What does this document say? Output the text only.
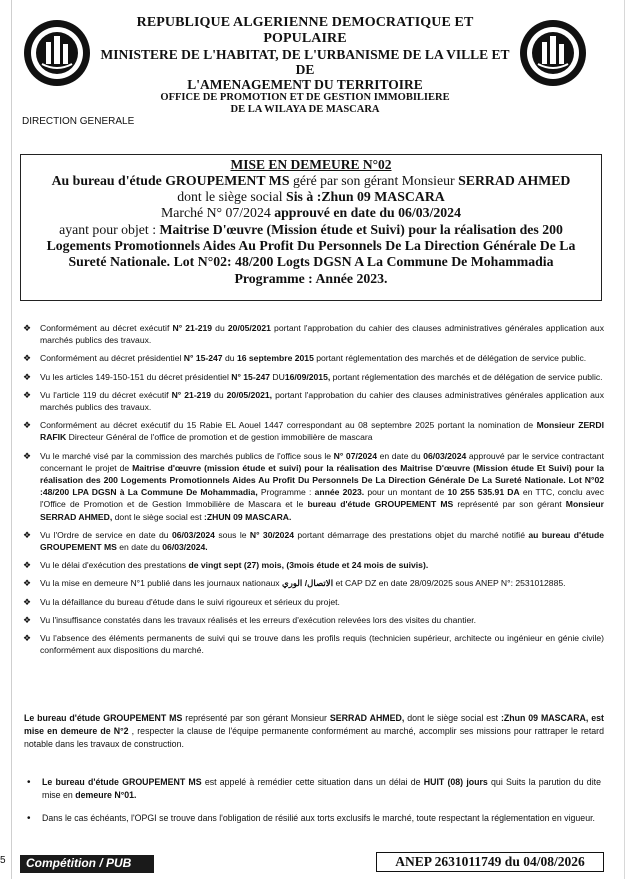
REPUBLIQUE ALGERIENNE DEMOCRATIQUE ET POPULAIRE
MINISTERE DE L'HABITAT, DE L'URBANISME DE LA VILLE ET DE
L'AMENAGEMENT DU TERRITOIRE
OFFICE DE PROMOTION ET DE GESTION IMMOBILIERE
DE LA WILAYA DE MASCARA
DIRECTION GENERALE
MISE EN DEMEURE N°02
Au bureau d'étude GROUPEMENT MS géré par son gérant Monsieur SERRAD AHMED
dont le siège social Sis à :Zhun 09 MASCARA
Marché N° 07/2024 approuvé en date du 06/03/2024
ayant pour objet : Maitrise D'œuvre (Mission étude et Suivi) pour la réalisation des 200
Logements Promotionnels Aides Au Profit Du Personnels De La Direction Générale De La
Sureté Nationale. Lot N°02: 48/200 Logts DGSN A La Commune De Mohammadia
Programme : Année 2023.
❖ Conformément au décret exécutif N° 21-219 du 20/05/2021 portant l'approbation du cahier des clauses administratives générales application aux marchés publics des travaux.
❖ Conformément au décret présidentiel N° 15-247 du 16 septembre 2015 portant réglementation des marchés et de délégation de service public.
❖ Vu les articles 149-150-151 du décret présidentiel N° 15-247 DU16/09/2015, portant réglementation des marchés et de délégation de service public.
❖ Vu l'article 119 du décret exécutif N° 21-219 du 20/05/2021, portant l'approbation du cahier des clauses administratives générales application aux marchés publics des travaux.
❖ Conformément au décret exécutif du 15 Rabie EL Aouel 1447 correspondant au 08 septembre 2025 portant la nomination de Monsieur ZERDI RAFIK Directeur Général de l'office de promotion et de gestion immobilière de mascara
❖ Vu le marché visé par la commission des marchés publics de l'office sous le N° 07/2024 en date du 06/03/2024 approuvé par le service contractant concernant le projet de Maitrise d'œuvre (mission étude et suivi) pour la réalisation des Maitrise D'œuvre (Mission étude Et Suivi) pour la réalisation des 200 Logements Promotionnels Aides Au Profit Du Personnels De La Direction Générale De La Sureté Nationale. Lot N°02 :48/200 LPA DGSN à La Commune De Mohammadia, Programme : année 2023. pour un montant de 10 255 535.91 DA en TTC, conclu avec l'Office de Promotion et de Gestion Immobilière de Mascara et le bureau d'étude GROUPEMENT MS représenté par son gérant Monsieur SERRAD AHMED, dont le siège social est :ZHUN 09 MASCARA.
❖ Vu l'Ordre de service en date du 06/03/2024 sous le N° 30/2024 portant démarrage des prestations objet du marché notifié au bureau d'étude GROUPEMENT MS en date du 06/03/2024.
❖ Vu le délai d'exécution des prestations de vingt sept (27) mois, (3mois étude et 24 mois de suivis).
❖ Vu la mise en demeure N°1 publié dans les journaux nationaux الاتصال/ الوري et CAP DZ en date 28/09/2025 sous ANEP N°: 2531012885.
❖ Vu la défaillance du bureau d'étude dans le suivi rigoureux et sérieux du projet.
❖ Vu l'insuffisance constatés dans les travaux réalisés et les erreurs d'exécution relevées lors des visites du chantier.
❖ Vu l'absence des éléments permanents de suivi qui se trouve dans les profils requis (technicien supérieur, architecte ou ingénieur en génie civile) conformément aux dispositions du marché.
Le bureau d'étude GROUPEMENT MS représenté par son gérant Monsieur SERRAD AHMED, dont le siège social est :Zhun 09 MASCARA, est mise en demeure de N°2 , respecter la clause de l'équipe permanente conformément au marché, accomplir ses missions pour rattraper le retard notable dans les travaux de construction.
• Le bureau d'étude GROUPEMENT MS est appelé à remédier cette situation dans un délai de HUIT (08) jours qui Suits la parution du dite mise en demeure N°01.
• Dans le cas échéants, l'OPGI se trouve dans l'obligation de résilié aux torts exclusifs le marché, toute respectant la réglementation en vigueur.
5	Compétition / PUB	ANEP 2631011749 du 04/08/2026
